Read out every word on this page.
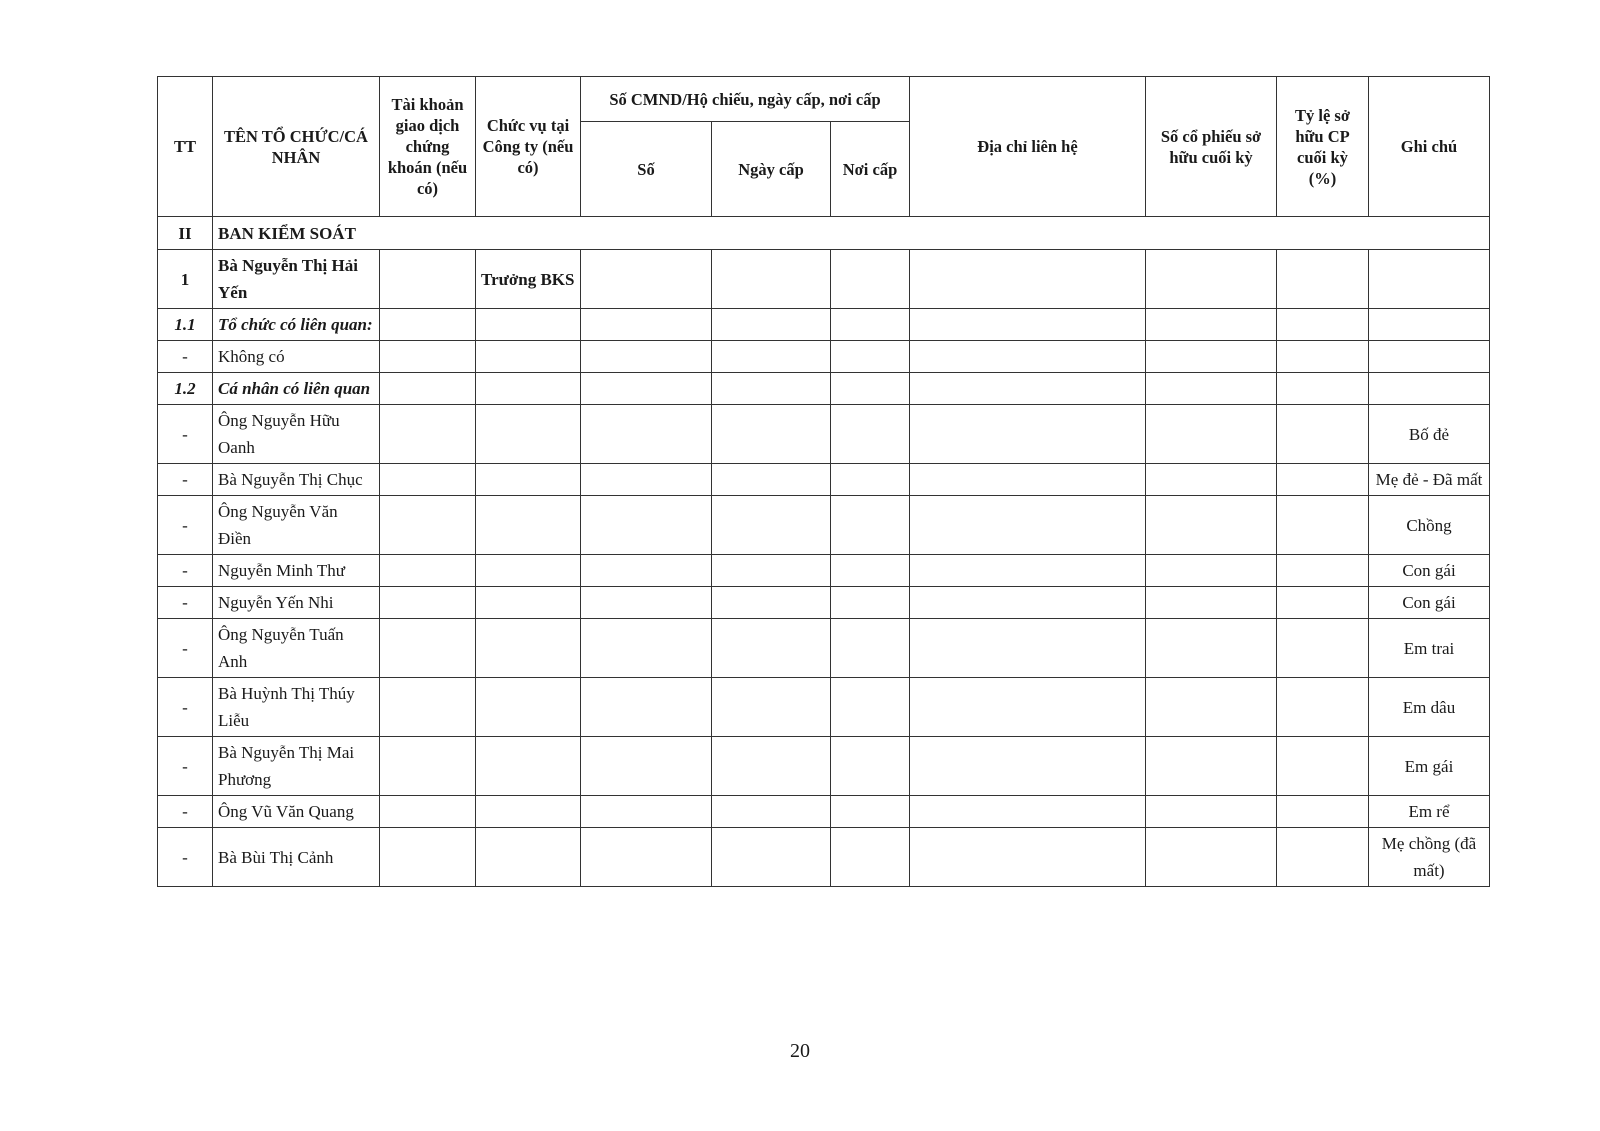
TT	TÊN TỔ CHỨC/CÁ NHÂN	Tài khoản giao dịch chứng khoán (nếu có)	Chức vụ tại Công ty (nếu có)	Số CMND/Hộ chiếu, ngày cấp, nơi cấp			Địa chỉ liên hệ	Số cổ phiếu sở hữu cuối kỳ	Tỷ lệ sở hữu CP cuối kỳ (%)	Ghi chú
				Số	Ngày cấp	Nơi cấp				
II	BAN KIỂM SOÁT									
1	Bà Nguyễn Thị Hải Yến		Trưởng BKS							
1.1	Tổ chức có liên quan:									
-	Không có									
1.2	Cá nhân có liên quan									
-	Ông Nguyễn Hữu Oanh									Bố đẻ
-	Bà Nguyễn Thị Chục									Mẹ đẻ - Đã mất
-	Ông Nguyễn Văn Điền									Chồng
-	Nguyễn Minh Thư									Con gái
-	Nguyễn Yến Nhi									Con gái
-	Ông Nguyễn Tuấn Anh									Em trai
-	Bà Huỳnh Thị Thúy Liễu									Em dâu
-	Bà Nguyễn Thị Mai Phương									Em gái
-	Ông Vũ Văn Quang									Em rể
-	Bà Bùi Thị Cảnh									Mẹ chồng (đã mất)
20
